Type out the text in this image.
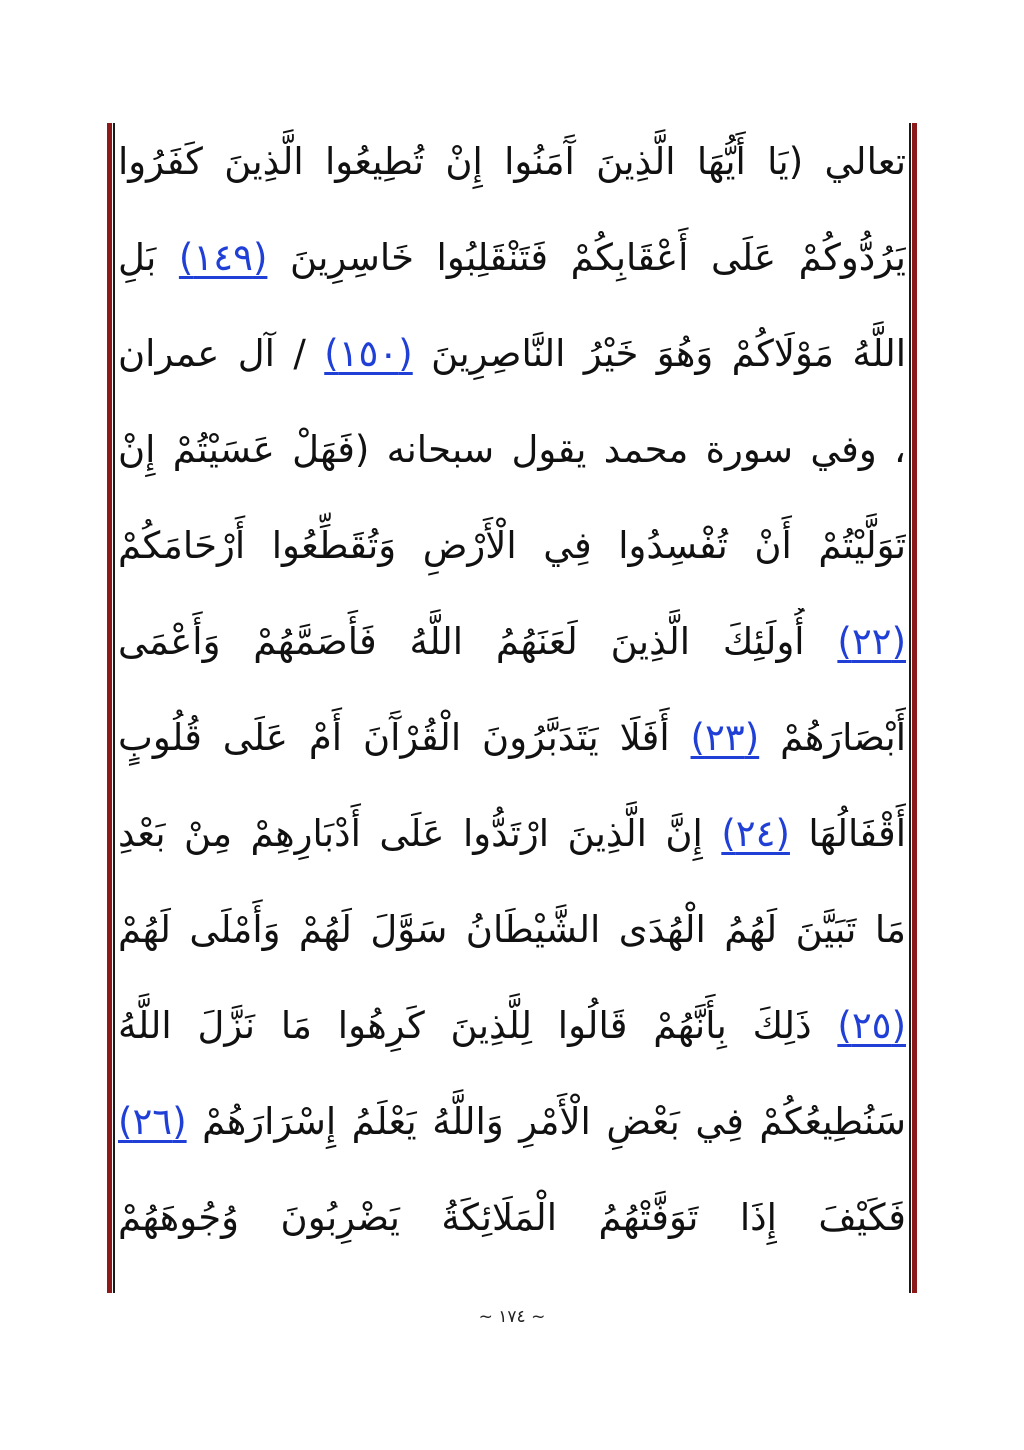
تعالي (يَا أَيُّهَا الَّذِينَ آَمَنُوا إِنْ تُطِيعُوا الَّذِينَ كَفَرُوا
يَرُدُّوكُمْ عَلَى أَعْقَابِكُمْ فَتَنْقَلِبُوا خَاسِرِينَ (١٤٩) بَلِ
اللَّهُ مَوْلَاكُمْ وَهُوَ خَيْرُ النَّاصِرِينَ (١٥٠) / آل عمران
، وفي سورة محمد يقول سبحانه (فَهَلْ عَسَيْتُمْ إِنْ
تَوَلَّيْتُمْ أَنْ تُفْسِدُوا فِي الْأَرْضِ وَتُقَطِّعُوا أَرْحَامَكُمْ
(٢٢) أُولَئِكَ الَّذِينَ لَعَنَهُمُ اللَّهُ فَأَصَمَّهُمْ وَأَعْمَى
أَبْصَارَهُمْ (٢٣) أَفَلَا يَتَدَبَّرُونَ الْقُرْآَنَ أَمْ عَلَى قُلُوبٍ
أَقْفَالُهَا (٢٤) إِنَّ الَّذِينَ ارْتَدُّوا عَلَى أَدْبَارِهِمْ مِنْ بَعْدِ
مَا تَبَيَّنَ لَهُمُ الْهُدَى الشَّيْطَانُ سَوَّلَ لَهُمْ وَأَمْلَى لَهُمْ
(٢٥) ذَلِكَ بِأَنَّهُمْ قَالُوا لِلَّذِينَ كَرِهُوا مَا نَزَّلَ اللَّهُ
سَنُطِيعُكُمْ فِي بَعْضِ الْأَمْرِ وَاللَّهُ يَعْلَمُ إِسْرَارَهُمْ (٢٦)
فَكَيْفَ إِذَا تَوَفَّتْهُمُ الْمَلَائِكَةُ يَضْرِبُونَ وُجُوهَهُمْ
~ ١٧٤ ~
